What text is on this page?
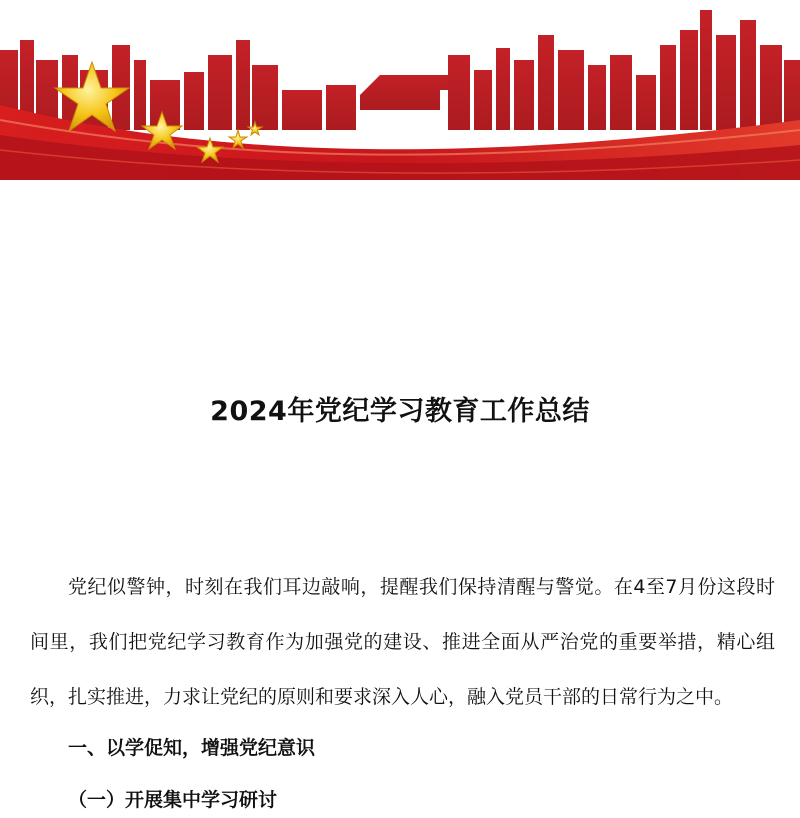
2024年党纪学习教育工作总结

党纪似警钟，时刻在我们耳边敲响，提醒我们保持清醒与警觉。在4至7月份这段时间里，我们把党纪学习教育作为加强党的建设、推进全面从严治党的重要举措，精心组织，扎实推进，力求让党纪的原则和要求深入人心，融入党员干部的日常行为之中。

一、以学促知，增强党纪意识

（一）开展集中学习研讨
